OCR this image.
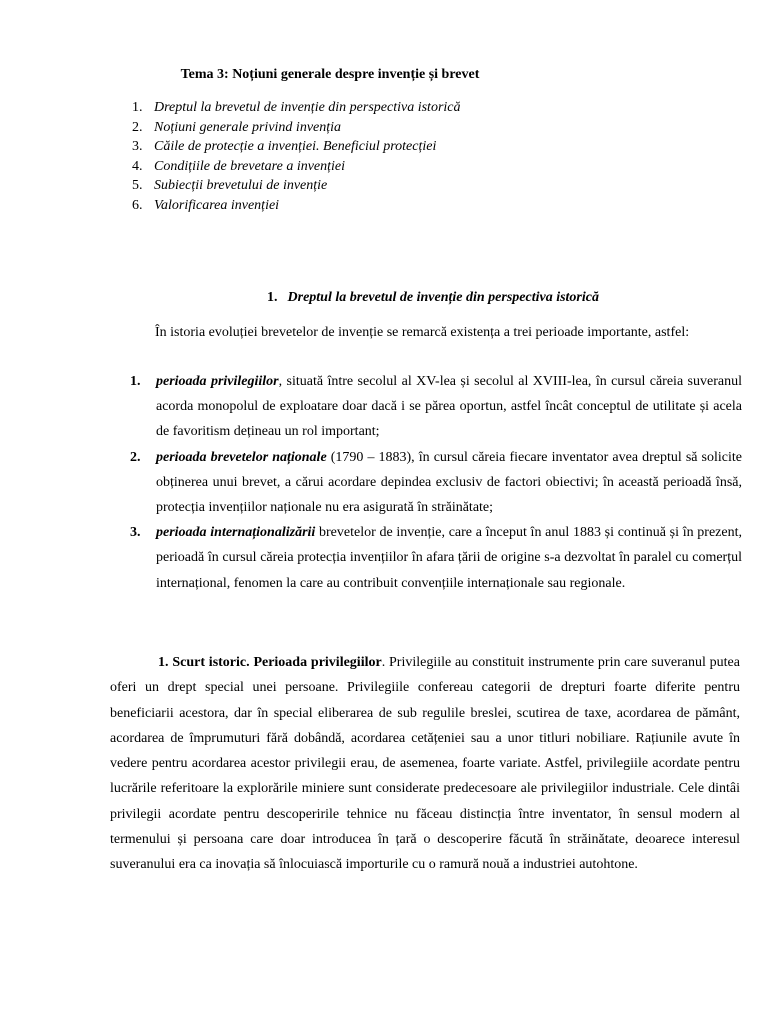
Tema 3: Noțiuni generale despre invenție și brevet
1. Dreptul la brevetul de invenție din perspectiva istorică
2. Noțiuni generale privind invenția
3. Căile de protecție a invenției. Beneficiul protecției
4. Condițiile de brevetare a invenției
5. Subiecții brevetului de invenție
6. Valorificarea invenției
1. Dreptul la brevetul de invenție din perspectiva istorică

În istoria evoluției brevetelor de invenție se remarcă existența a trei perioade importante, astfel:

1. perioada privilegiilor, situată între secolul al XV-lea și secolul al XVIII-lea, în cursul căreia suveranul acorda monopolul de exploatare doar dacă i se părea oportun, astfel încât conceptul de utilitate și acela de favoritism dețineau un rol important;
2. perioada brevetelor naționale (1790 – 1883), în cursul căreia fiecare inventator avea dreptul să solicite obținerea unui brevet, a cărui acordare depindea exclusiv de factori obiectivi; în această perioadă însă, protecția invențiilor naționale nu era asigurată în străinătate;
3. perioada internaționalizării brevetelor de invenție, care a început în anul 1883 și continuă și în prezent, perioadă în cursul căreia protecția invențiilor în afara țării de origine s-a dezvoltat în paralel cu comerțul internațional, fenomen la care au contribuit convențiile internaționale sau regionale.

1. Scurt istoric. Perioada privilegiilor. Privilegiile au constituit instrumente prin care suveranul putea oferi un drept special unei persoane. Privilegiile confereau categorii de drepturi foarte diferite pentru beneficiarii acestora, dar în special eliberarea de sub regulile breslei, scutirea de taxe, acordarea de pământ, acordarea de împrumuturi fără dobândă, acordarea cetățeniei sau a unor titluri nobiliare. Rațiunile avute în vedere pentru acordarea acestor privilegii erau, de asemenea, foarte variate. Astfel, privilegiile acordate pentru lucrările referitoare la explorările miniere sunt considerate predecesoare ale privilegiilor industriale. Cele dintâi privilegii acordate pentru descoperirile tehnice nu făceau distincția între inventator, în sensul modern al termenului și persoana care doar introducea în țară o descoperire făcută în străinătate, deoarece interesul suveranului era ca inovația să înlocuiască importurile cu o ramură nouă a industriei autohtone.
